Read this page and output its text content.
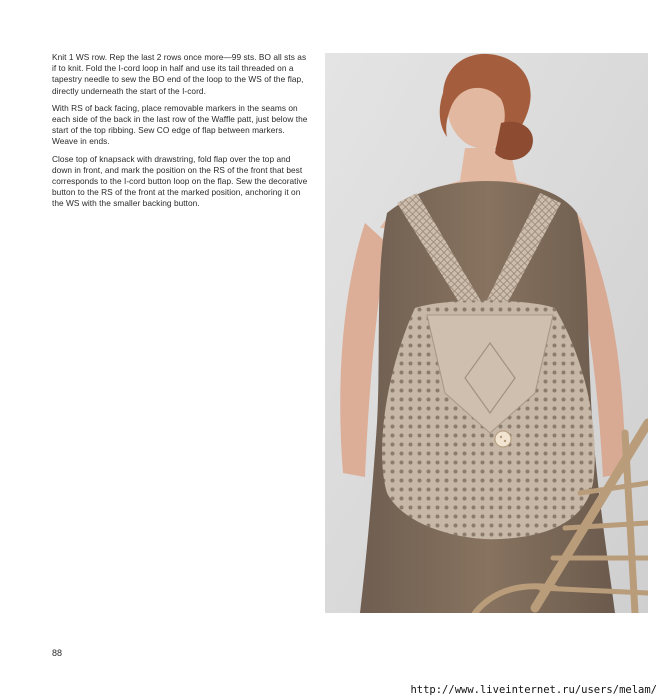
Knit 1 WS row. Rep the last 2 rows once more—99 sts. BO all sts as if to knit. Fold the I-cord loop in half and use its tail threaded on a tapestry needle to sew the BO end of the loop to the WS of the flap, directly underneath the start of the I-cord.

With RS of back facing, place removable markers in the seams on each side of the back in the last row of the Waffle patt, just below the start of the top ribbing. Sew CO edge of flap between markers. Weave in ends.

Close top of knapsack with drawstring, fold flap over the top and down in front, and mark the position on the RS of the front that best corresponds to the I-cord button loop on the flap. Sew the decorative button to the RS of the front at the marked position, anchoring it on the WS with the smaller backing button.

88
http://www.liveinternet.ru/users/melam/
